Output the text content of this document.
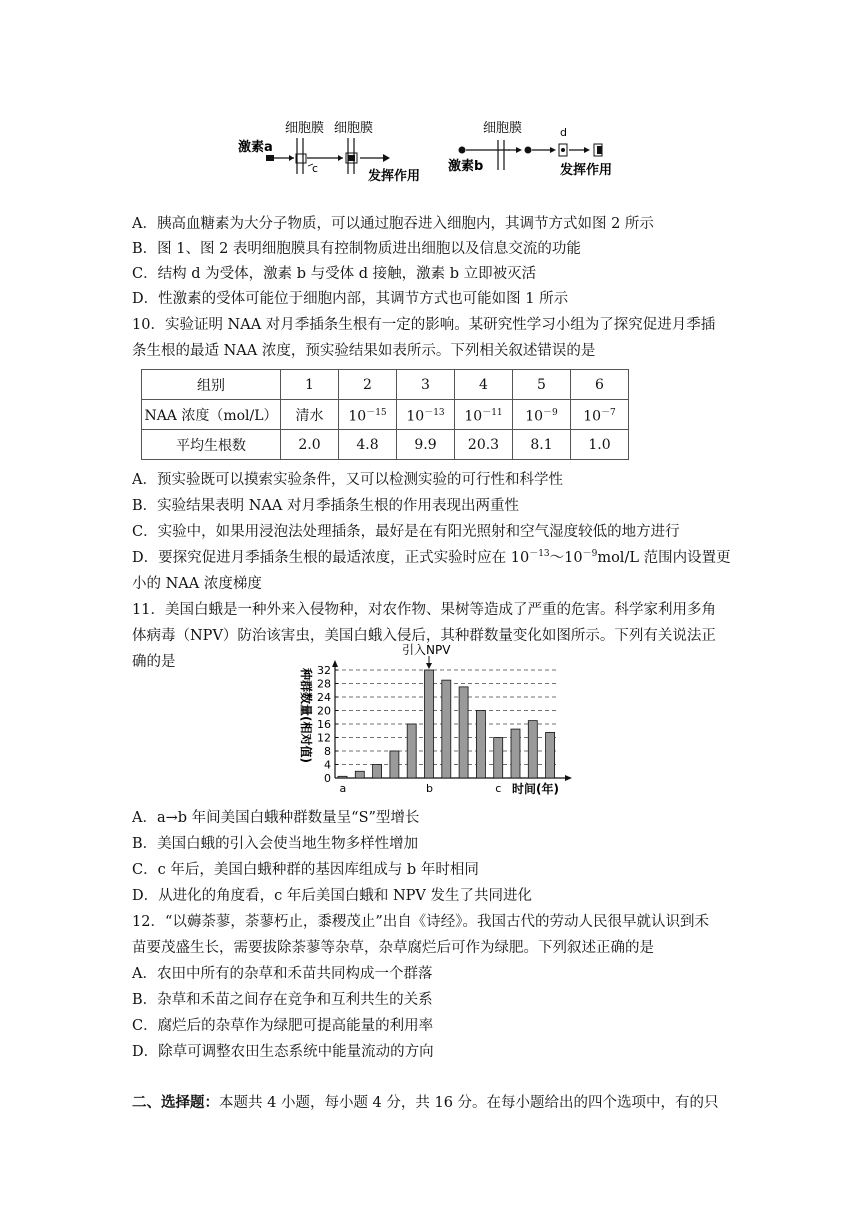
细胞膜 细胞膜
激素a
c
发挥作用
细胞膜
激素b
d
发挥作用
A．胰高血糖素为大分子物质，可以通过胞吞进入细胞内，其调节方式如图 2 所示
B．图 1、图 2 表明细胞膜具有控制物质进出细胞以及信息交流的功能
C．结构 d 为受体，激素 b 与受体 d 接触，激素 b 立即被灭活
D．性激素的受体可能位于细胞内部，其调节方式也可能如图 1 所示
10．实验证明 NAA 对月季插条生根有一定的影响。某研究性学习小组为了探究促进月季插
条生根的最适 NAA 浓度，预实验结果如表所示。下列相关叙述错误的是
组别	1	2	3	4	5	6
NAA 浓度（mol/L）	清水	$10^{-15}$	$10^{-13}$	$10^{-11}$	$10^{-9}$	$10^{-7}$
平均生根数	2.0	4.8	9.9	20.3	8.1	1.0
A．预实验既可以摸索实验条件，又可以检测实验的可行性和科学性
B．实验结果表明 NAA 对月季插条生根的作用表现出两重性
C．实验中，如果用浸泡法处理插条，最好是在有阳光照射和空气湿度较低的地方进行
D．要探究促进月季插条生根的最适浓度，正式实验时应在 $10^{-13}\sim 10^{-9}mol/L$ 范围内设置更
小的 NAA 浓度梯度
11．美国白蛾是一种外来入侵物种，对农作物、果树等造成了严重的危害。科学家利用多角
体病毒（NPV）防治该害虫，美国白蛾入侵后，其种群数量变化如图所示。下列有关说法正
确的是
0
4
8
12
16
20
24
28
32
a	b	c
种群数量(相对值)
时间(年)
引入NPV
A．a→b 年间美国白蛾种群数量呈“S”型增长
B．美国白蛾的引入会使当地生物多样性增加
C．c 年后，美国白蛾种群的基因库组成与 b 年时相同
D．从进化的角度看，c 年后美国白蛾和 NPV 发生了共同进化
12．“以薅荼蓼，荼蓼朽止，黍稷茂止”出自《诗经》。我国古代的劳动人民很早就认识到禾
苗要茂盛生长，需要拔除荼蓼等杂草，杂草腐烂后可作为绿肥。下列叙述正确的是
A．农田中所有的杂草和禾苗共同构成一个群落
B．杂草和禾苗之间存在竞争和互利共生的关系
C．腐烂后的杂草作为绿肥可提高能量的利用率
D．除草可调整农田生态系统中能量流动的方向
二、选择题：本题共 4 小题，每小题 4 分，共 16 分。在每小题给出的四个选项中，有的只
